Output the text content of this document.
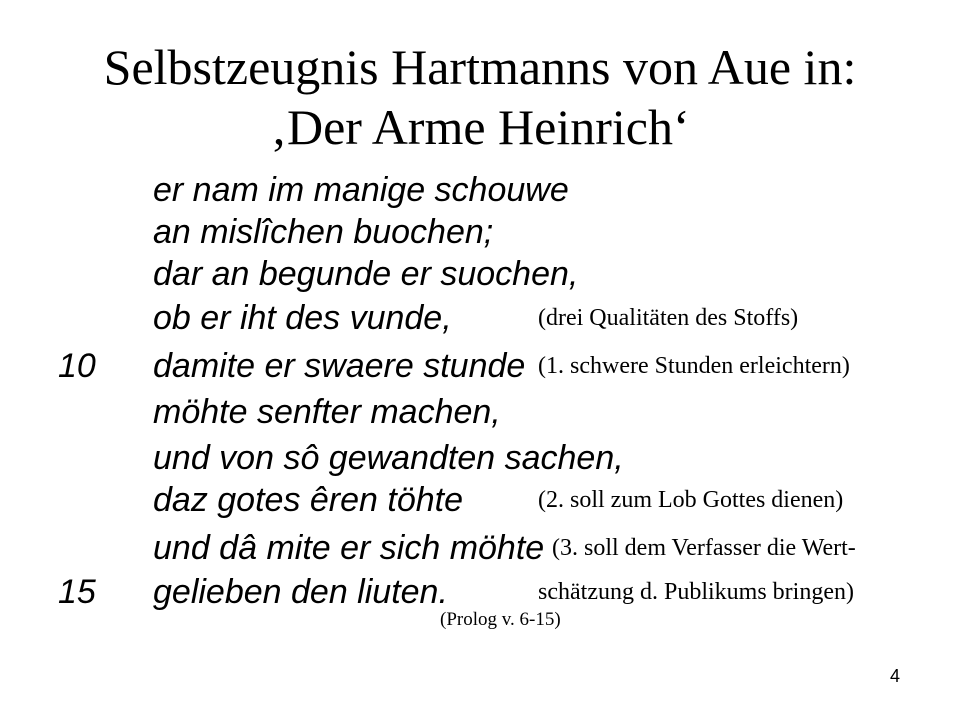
Selbstzeugnis Hartmanns von Aue in:
‚Der Arme Heinrich‘
er nam im manige schouwe
an mislîchen buochen;
dar an begunde er suochen,
ob er iht des vunde,	(drei Qualitäten des Stoffs)
10	damite er swaere stunde (1. schwere Stunden erleichtern)
möhte senfter machen,
und von sô gewandten sachen,
daz gotes êren töhte	(2. soll zum Lob Gottes dienen)
und dâ mite er sich möhte (3. soll dem Verfasser die Wert-
15	gelieben den liuten.	schätzung d. Publikums bringen)
(Prolog v. 6-15)
4
